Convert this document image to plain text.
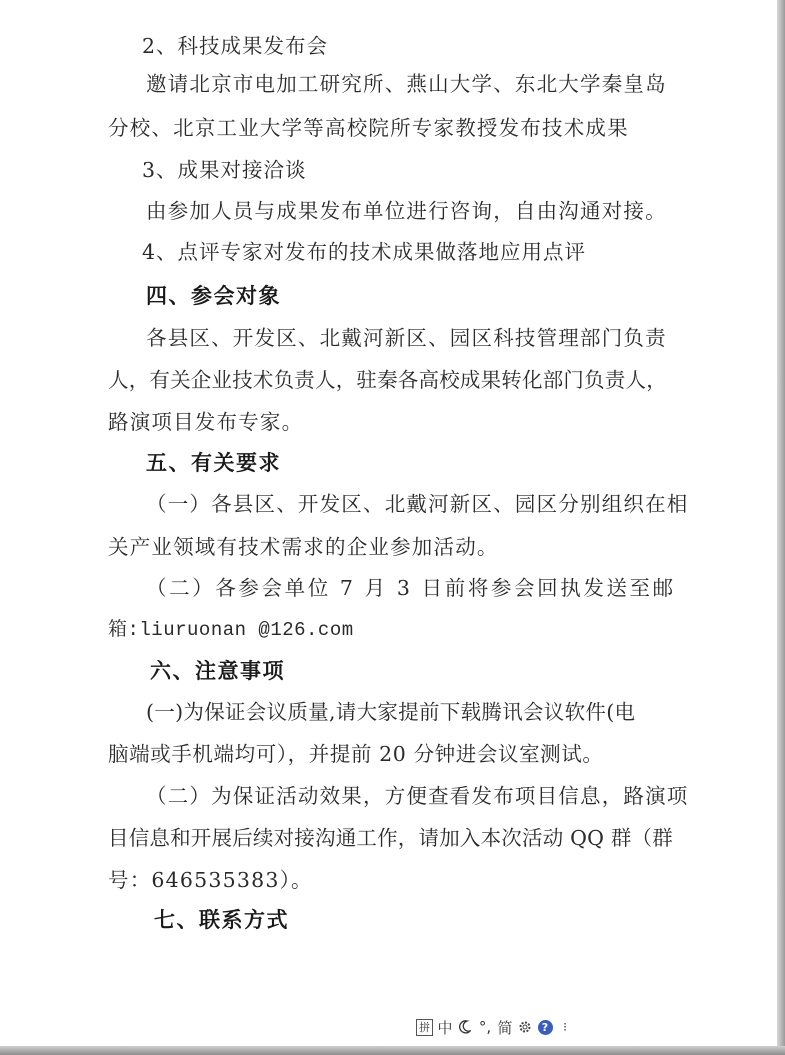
2、科技成果发布会
邀请北京市电加工研究所、燕山大学、东北大学秦皇岛
分校、北京工业大学等高校院所专家教授发布技术成果
3、成果对接洽谈
由参加人员与成果发布单位进行咨询，自由沟通对接。
4、点评专家对发布的技术成果做落地应用点评
四、参会对象
各县区、开发区、北戴河新区、园区科技管理部门负责
人，有关企业技术负责人，驻秦各高校成果转化部门负责人，
路演项目发布专家。
五、有关要求
（一）各县区、开发区、北戴河新区、园区分别组织在相
关产业领域有技术需求的企业参加活动。
（二）各参会单位 7 月 3 日前将参会回执发送至邮
箱:liuruonan @126.com
六、注意事项
(一)为保证会议质量,请大家提前下载腾讯会议软件(电
脑端或手机端均可），并提前 20 分钟进会议室测试。
（二）为保证活动效果，方便查看发布项目信息，路演项
目信息和开展后续对接沟通工作，请加入本次活动 QQ 群（群
号：646535383）。
七、联系方式
拼 中 °, 简	?	⁝
